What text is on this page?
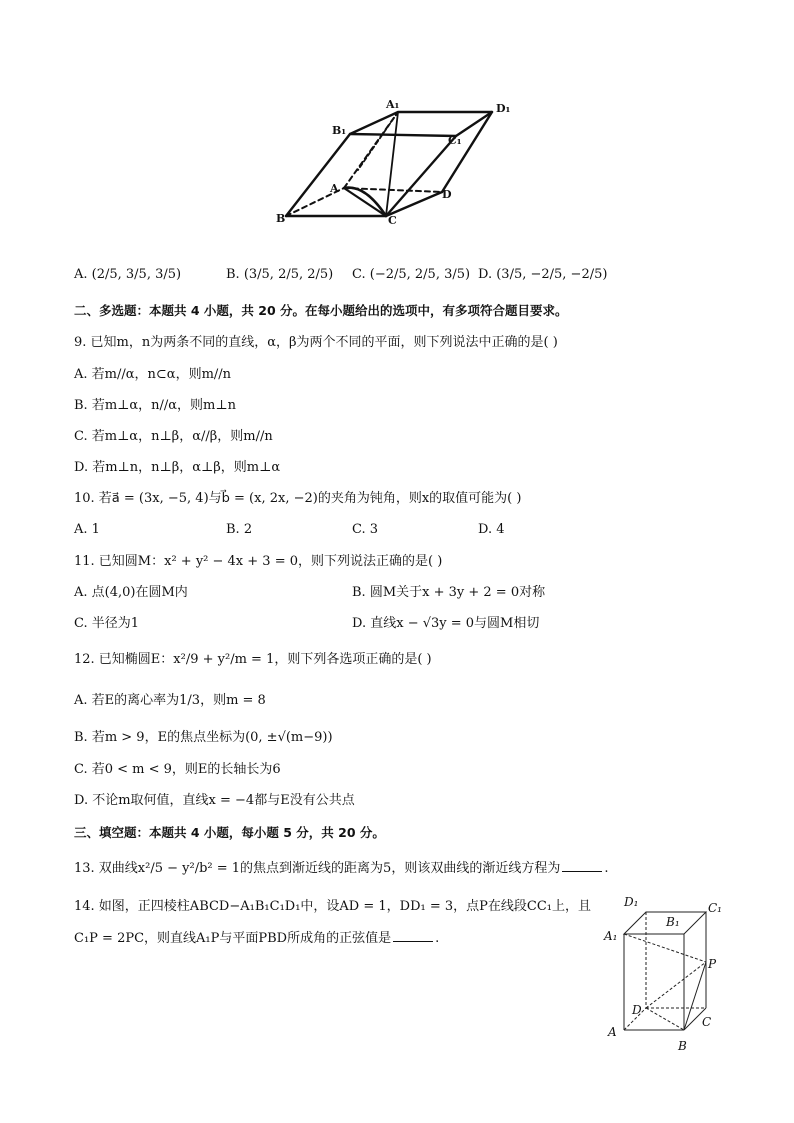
A₁	D₁
B₁
C₁
A	D
B	C
A. (2/5, 3/5, 3/5)	B. (3/5, 2/5, 2/5) C. (−2/5, 2/5, 3/5) D. (3/5, −2/5, −2/5)
二、多选题：本题共 4 小题，共 20 分。在每小题给出的选项中，有多项符合题目要求。
9. 已知m，n为两条不同的直线，α，β为两个不同的平面，则下列说法中正确的是( )
A. 若m//α，n⊂α，则m//n
B. 若m⊥α，n//α，则m⊥n
C. 若m⊥α，n⊥β，α//β，则m//n
D. 若m⊥n，n⊥β，α⊥β，则m⊥α
10. 若a⃗ = (3x, −5, 4)与b⃗ = (x, 2x, −2)的夹角为钝角，则x的取值可能为( )
A. 1	B. 2	C. 3	D. 4
11. 已知圆M：x² + y² − 4x + 3 = 0，则下列说法正确的是( )
A. 点(4,0)在圆M内	B. 圆M关于x + 3y + 2 = 0对称
C. 半径为1	D. 直线x − √3y = 0与圆M相切
12. 已知椭圆E：x²/9 + y²/m = 1，则下列各选项正确的是( )
A. 若E的离心率为1/3，则m = 8
B. 若m > 9，E的焦点坐标为(0, ±√(m−9))
C. 若0 < m < 9，则E的长轴长为6
D. 不论m取何值，直线x = −4都与E没有公共点
三、填空题：本题共 4 小题，每小题 5 分，共 20 分。
13. 双曲线x²/5 − y²/b² = 1的焦点到渐近线的距离为5，则该双曲线的渐近线方程为	.
14. 如图，正四棱柱ABCD−A₁B₁C₁D₁中，设AD = 1，DD₁ = 3，点P在线段CC₁上，且
C₁P = 2PC，则直线A₁P与平面PBD所成角的正弦值是	.
D₁
B₁
C₁
A₁
P
D
C
A
B
